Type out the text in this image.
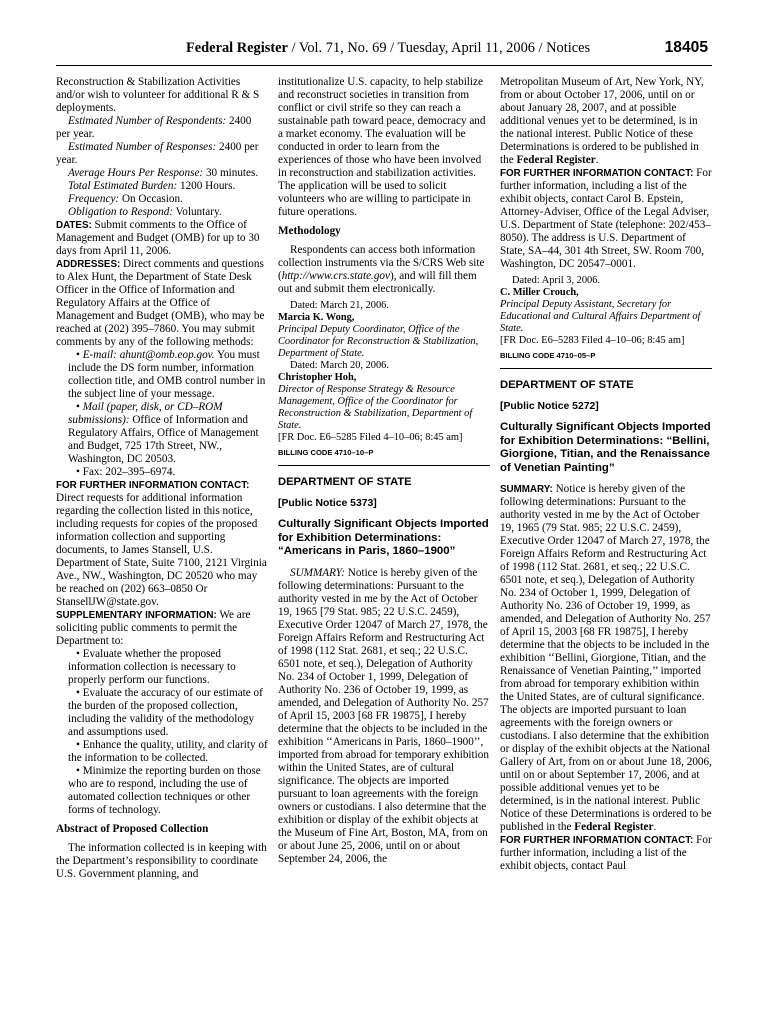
Federal Register / Vol. 71, No. 69 / Tuesday, April 11, 2006 / Notices	18405

Reconstruction & Stabilization Activities and/or wish to volunteer for additional R & S deployments.

Estimated Number of Respondents: 2400 per year.

Estimated Number of Responses: 2400 per year.

Average Hours Per Response: 30 minutes.

Total Estimated Burden: 1200 Hours.

Frequency: On Occasion.

Obligation to Respond: Voluntary.

DATES: Submit comments to the Office of Management and Budget (OMB) for up to 30 days from April 11, 2006.

ADDRESSES: Direct comments and questions to Alex Hunt, the Department of State Desk Officer in the Office of Information and Regulatory Affairs at the Office of Management and Budget (OMB), who may be reached at (202) 395–7860. You may submit comments by any of the following methods:

• E-mail: ahunt@omb.eop.gov. You must include the DS form number, information collection title, and OMB control number in the subject line of your message.

• Mail (paper, disk, or CD–ROM submissions): Office of Information and Regulatory Affairs, Office of Management and Budget, 725 17th Street, NW., Washington, DC 20503.

• Fax: 202–395–6974.

FOR FURTHER INFORMATION CONTACT:
Direct requests for additional information regarding the collection listed in this notice, including requests for copies of the proposed information collection and supporting documents, to James Stansell, U.S. Department of State, Suite 7100, 2121 Virginia Ave., NW., Washington, DC 20520 who may be reached on (202) 663–0850 Or StansellJW@state.gov.

SUPPLEMENTARY INFORMATION: We are soliciting public comments to permit the Department to:

• Evaluate whether the proposed information collection is necessary to properly perform our functions.

• Evaluate the accuracy of our estimate of the burden of the proposed collection, including the validity of the methodology and assumptions used.

• Enhance the quality, utility, and clarity of the information to be collected.

• Minimize the reporting burden on those who are to respond, including the use of automated collection techniques or other forms of technology.

Abstract of Proposed Collection

The information collected is in keeping with the Department’s responsibility to coordinate U.S. Government planning, and

institutionalize U.S. capacity, to help stabilize and reconstruct societies in transition from conflict or civil strife so they can reach a sustainable path toward peace, democracy and a market economy. The evaluation will be conducted in order to learn from the experiences of those who have been involved in reconstruction and stabilization activities. The application will be used to solicit volunteers who are willing to participate in future operations.

Methodology

Respondents can access both information collection instruments via the S/CRS Web site (http://www.crs.state.gov), and will fill them out and submit them electronically.

Dated: March 21, 2006.

Marcia K. Wong,

Principal Deputy Coordinator, Office of the Coordinator for Reconstruction & Stabilization, Department of State.

Dated: March 20, 2006.

Christopher Hoh,

Director of Response Strategy & Resource Management, Office of the Coordinator for Reconstruction & Stabilization, Department of State.

[FR Doc. E6–5285 Filed 4–10–06; 8:45 am]

BILLING CODE 4710–10–P

DEPARTMENT OF STATE

[Public Notice 5373]

Culturally Significant Objects Imported for Exhibition Determinations: “Americans in Paris, 1860–1900”

SUMMARY: Notice is hereby given of the following determinations: Pursuant to the authority vested in me by the Act of October 19, 1965 [79 Stat. 985; 22 U.S.C. 2459), Executive Order 12047 of March 27, 1978, the Foreign Affairs Reform and Restructuring Act of 1998 (112 Stat. 2681, et seq.; 22 U.S.C. 6501 note, et seq.), Delegation of Authority No. 234 of October 1, 1999, Delegation of Authority No. 236 of October 19, 1999, as amended, and Delegation of Authority No. 257 of April 15, 2003 [68 FR 19875], I hereby determine that the objects to be included in the exhibition ‘‘Americans in Paris, 1860–1900’’, imported from abroad for temporary exhibition within the United States, are of cultural significance. The objects are imported pursuant to loan agreements with the foreign owners or custodians. I also determine that the exhibition or display of the exhibit objects at the Museum of Fine Art, Boston, MA, from on or about June 25, 2006, until on or about September 24, 2006, the

Metropolitan Museum of Art, New York, NY, from or about October 17, 2006, until on or about January 28, 2007, and at possible additional venues yet to be determined, is in the national interest. Public Notice of these Determinations is ordered to be published in the Federal Register.

FOR FURTHER INFORMATION CONTACT: For further information, including a list of the exhibit objects, contact Carol B. Epstein, Attorney-Adviser, Office of the Legal Adviser, U.S. Department of State (telephone: 202/453–8050). The address is U.S. Department of State, SA–44, 301 4th Street, SW. Room 700, Washington, DC 20547–0001.

Dated: April 3, 2006.

C. Miller Crouch,

Principal Deputy Assistant, Secretary for Educational and Cultural Affairs Department of State.

[FR Doc. E6–5283 Filed 4–10–06; 8:45 am]

BILLING CODE 4710–05–P

DEPARTMENT OF STATE

[Public Notice 5272]

Culturally Significant Objects Imported for Exhibition Determinations: “Bellini, Giorgione, Titian, and the Renaissance of Venetian Painting”

SUMMARY: Notice is hereby given of the following determinations: Pursuant to the authority vested in me by the Act of October 19, 1965 (79 Stat. 985; 22 U.S.C. 2459), Executive Order 12047 of March 27, 1978, the Foreign Affairs Reform and Restructuring Act of 1998 (112 Stat. 2681, et seq.; 22 U.S.C. 6501 note, et seq.), Delegation of Authority No. 234 of October 1, 1999, Delegation of Authority No. 236 of October 19, 1999, as amended, and Delegation of Authority No. 257 of April 15, 2003 [68 FR 19875], I hereby determine that the objects to be included in the exhibition ‘‘Bellini, Giorgione, Titian, and the Renaissance of Venetian Painting,’’ imported from abroad for temporary exhibition within the United States, are of cultural significance. The objects are imported pursuant to loan agreements with the foreign owners or custodians. I also determine that the exhibition or display of the exhibit objects at the National Gallery of Art, from on or about June 18, 2006, until on or about September 17, 2006, and at possible additional venues yet to be determined, is in the national interest. Public Notice of these Determinations is ordered to be published in the Federal Register.

FOR FURTHER INFORMATION CONTACT: For further information, including a list of the exhibit objects, contact Paul
